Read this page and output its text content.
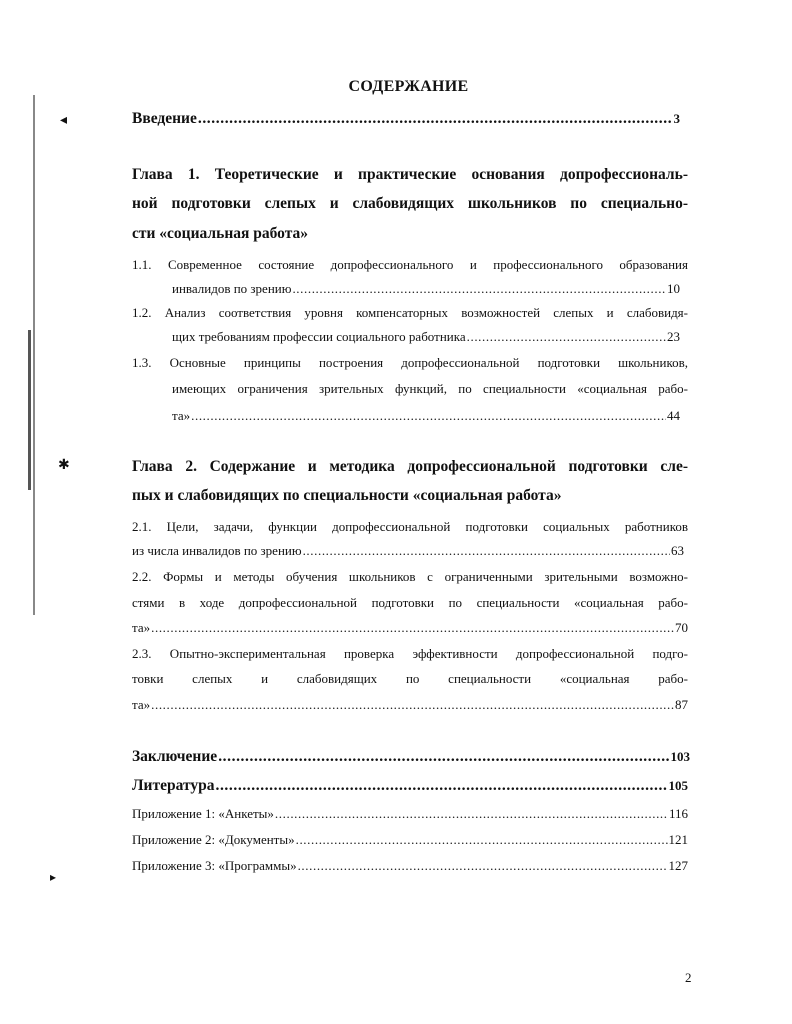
◂
✱
▸
СОДЕРЖАНИЕ
Введение .....	3
Глава 1. Теоретические и практические основания допрофессиональ-
ной подготовки слепых и слабовидящих школьников по специально-
сти «социальная работа»
1.1. Современное состояние допрофессионального и профессионального образования
инвалидов по зрению .....	10
1.2. Анализ соответствия уровня компенсаторных возможностей слепых и слабовидя-
щих требованиям профессии социального работника .....	23
1.3. Основные принципы построения допрофессиональной подготовки школьников,
имеющих ограничения зрительных функций, по специальности «социальная рабо-
та» .....	44
Глава 2. Содержание и методика допрофессиональной подготовки сле-
пых и слабовидящих по специальности «социальная работа»
2.1. Цели, задачи, функции допрофессиональной подготовки социальных работников
из числа инвалидов по зрению .....	63
2.2. Формы и методы обучения школьников с ограниченными зрительными возможно-
стями в ходе допрофессиональной подготовки по специальности «социальная рабо-
та» .....	70
2.3. Опытно-экспериментальная проверка эффективности допрофессиональной подго-
товки слепых и слабовидящих по специальности «социальная рабо-
та» .....	87
Заключение .....	103
Литература .....	105
Приложение 1: «Анкеты» .....	116
Приложение 2: «Документы» .....	121
Приложение 3: «Программы» .....	127
2
